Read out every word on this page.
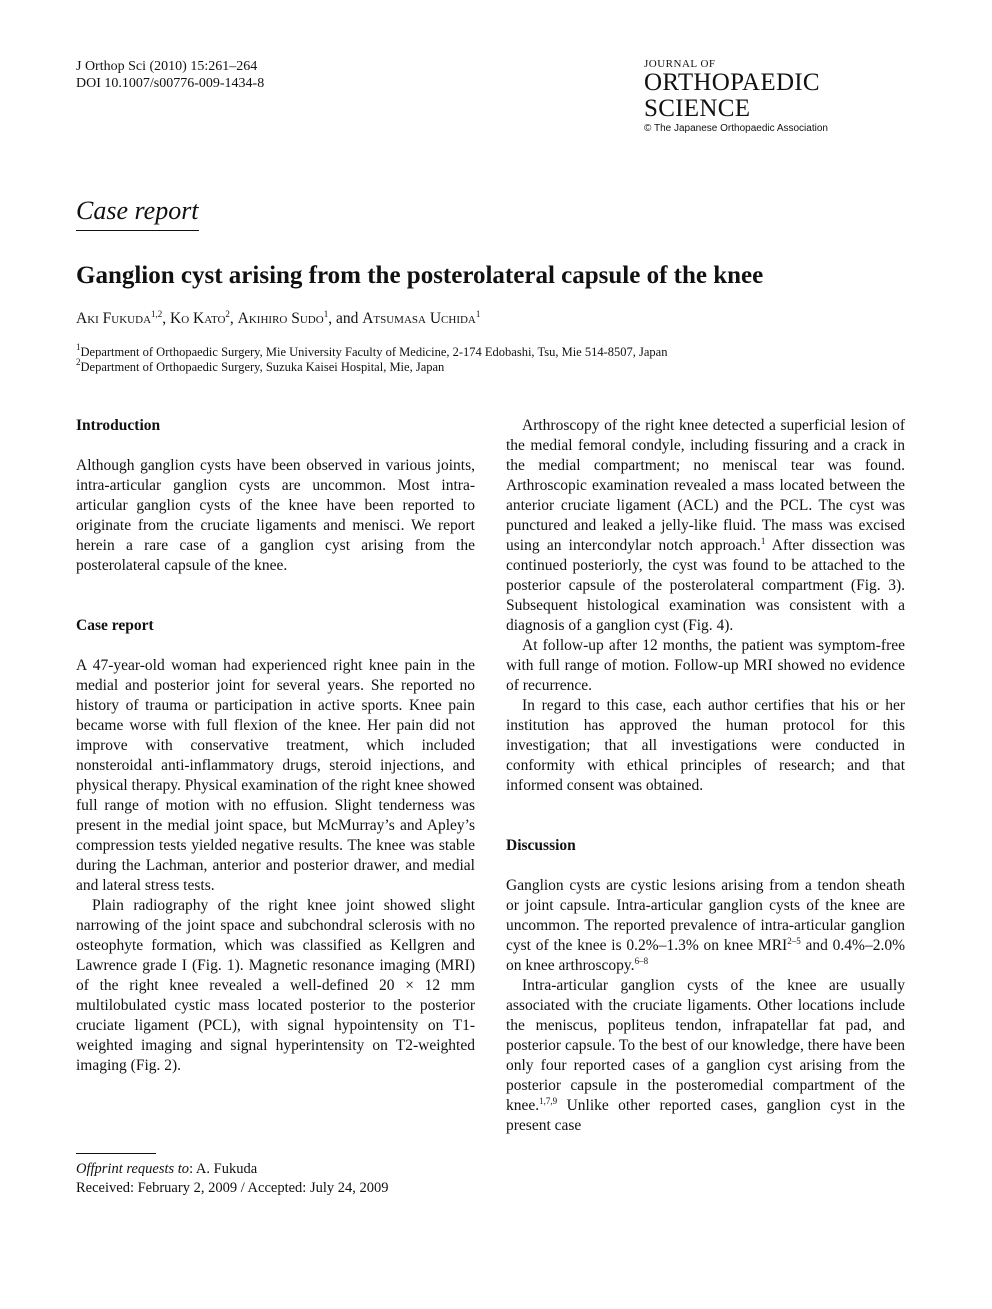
J Orthop Sci (2010) 15:261–264
DOI 10.1007/s00776-009-1434-8
JOURNAL OF
ORTHOPAEDIC SCIENCE
© The Japanese Orthopaedic Association
Case report
Ganglion cyst arising from the posterolateral capsule of the knee
Aki Fukuda$^{1,2}$, Ko Kato$^2$, Akihiro Sudo$^1$, and Atsumasa Uchida$^1$
$^1$Department of Orthopaedic Surgery, Mie University Faculty of Medicine, 2-174 Edobashi, Tsu, Mie 514-8507, Japan
$^2$Department of Orthopaedic Surgery, Suzuka Kaisei Hospital, Mie, Japan
Introduction

Although ganglion cysts have been observed in various joints, intra-articular ganglion cysts are uncommon. Most intra-articular ganglion cysts of the knee have been reported to originate from the cruciate ligaments and menisci. We report herein a rare case of a ganglion cyst arising from the posterolateral capsule of the knee.

Case report

A 47-year-old woman had experienced right knee pain in the medial and posterior joint for several years. She reported no history of trauma or participation in active sports. Knee pain became worse with full flexion of the knee. Her pain did not improve with conservative treatment, which included nonsteroidal anti-inflammatory drugs, steroid injections, and physical therapy. Physical examination of the right knee showed full range of motion with no effusion. Slight tenderness was present in the medial joint space, but McMurray’s and Apley’s compression tests yielded negative results. The knee was stable during the Lachman, anterior and posterior drawer, and medial and lateral stress tests.

Plain radiography of the right knee joint showed slight narrowing of the joint space and subchondral sclerosis with no osteophyte formation, which was classified as Kellgren and Lawrence grade I (Fig. 1). Magnetic resonance imaging (MRI) of the right knee revealed a well-defined 20 × 12 mm multilobulated cystic mass located posterior to the posterior cruciate ligament (PCL), with signal hypointensity on T1-weighted imaging and signal hyperintensity on T2-weighted imaging (Fig. 2).

Arthroscopy of the right knee detected a superficial lesion of the medial femoral condyle, including fissuring and a crack in the medial compartment; no meniscal tear was found. Arthroscopic examination revealed a mass located between the anterior cruciate ligament (ACL) and the PCL. The cyst was punctured and leaked a jelly-like fluid. The mass was excised using an intercondylar notch approach.$^1$ After dissection was continued posteriorly, the cyst was found to be attached to the posterior capsule of the posterolateral compartment (Fig. 3). Subsequent histological examination was consistent with a diagnosis of a ganglion cyst (Fig. 4).

At follow-up after 12 months, the patient was symptom-free with full range of motion. Follow-up MRI showed no evidence of recurrence.

In regard to this case, each author certifies that his or her institution has approved the human protocol for this investigation; that all investigations were conducted in conformity with ethical principles of research; and that informed consent was obtained.

Discussion

Ganglion cysts are cystic lesions arising from a tendon sheath or joint capsule. Intra-articular ganglion cysts of the knee are uncommon. The reported prevalence of intra-articular ganglion cyst of the knee is 0.2%–1.3% on knee MRI$^{2-5}$ and 0.4%–2.0% on knee arthroscopy.$^{6-8}$

Intra-articular ganglion cysts of the knee are usually associated with the cruciate ligaments. Other locations include the meniscus, popliteus tendon, infrapatellar fat pad, and posterior capsule. To the best of our knowledge, there have been only four reported cases of a ganglion cyst arising from the posterior capsule in the posteromedial compartment of the knee.$^{1,7,9}$ Unlike other reported cases, ganglion cyst in the present case

Offprint requests to: A. Fukuda
Received: February 2, 2009 / Accepted: July 24, 2009
